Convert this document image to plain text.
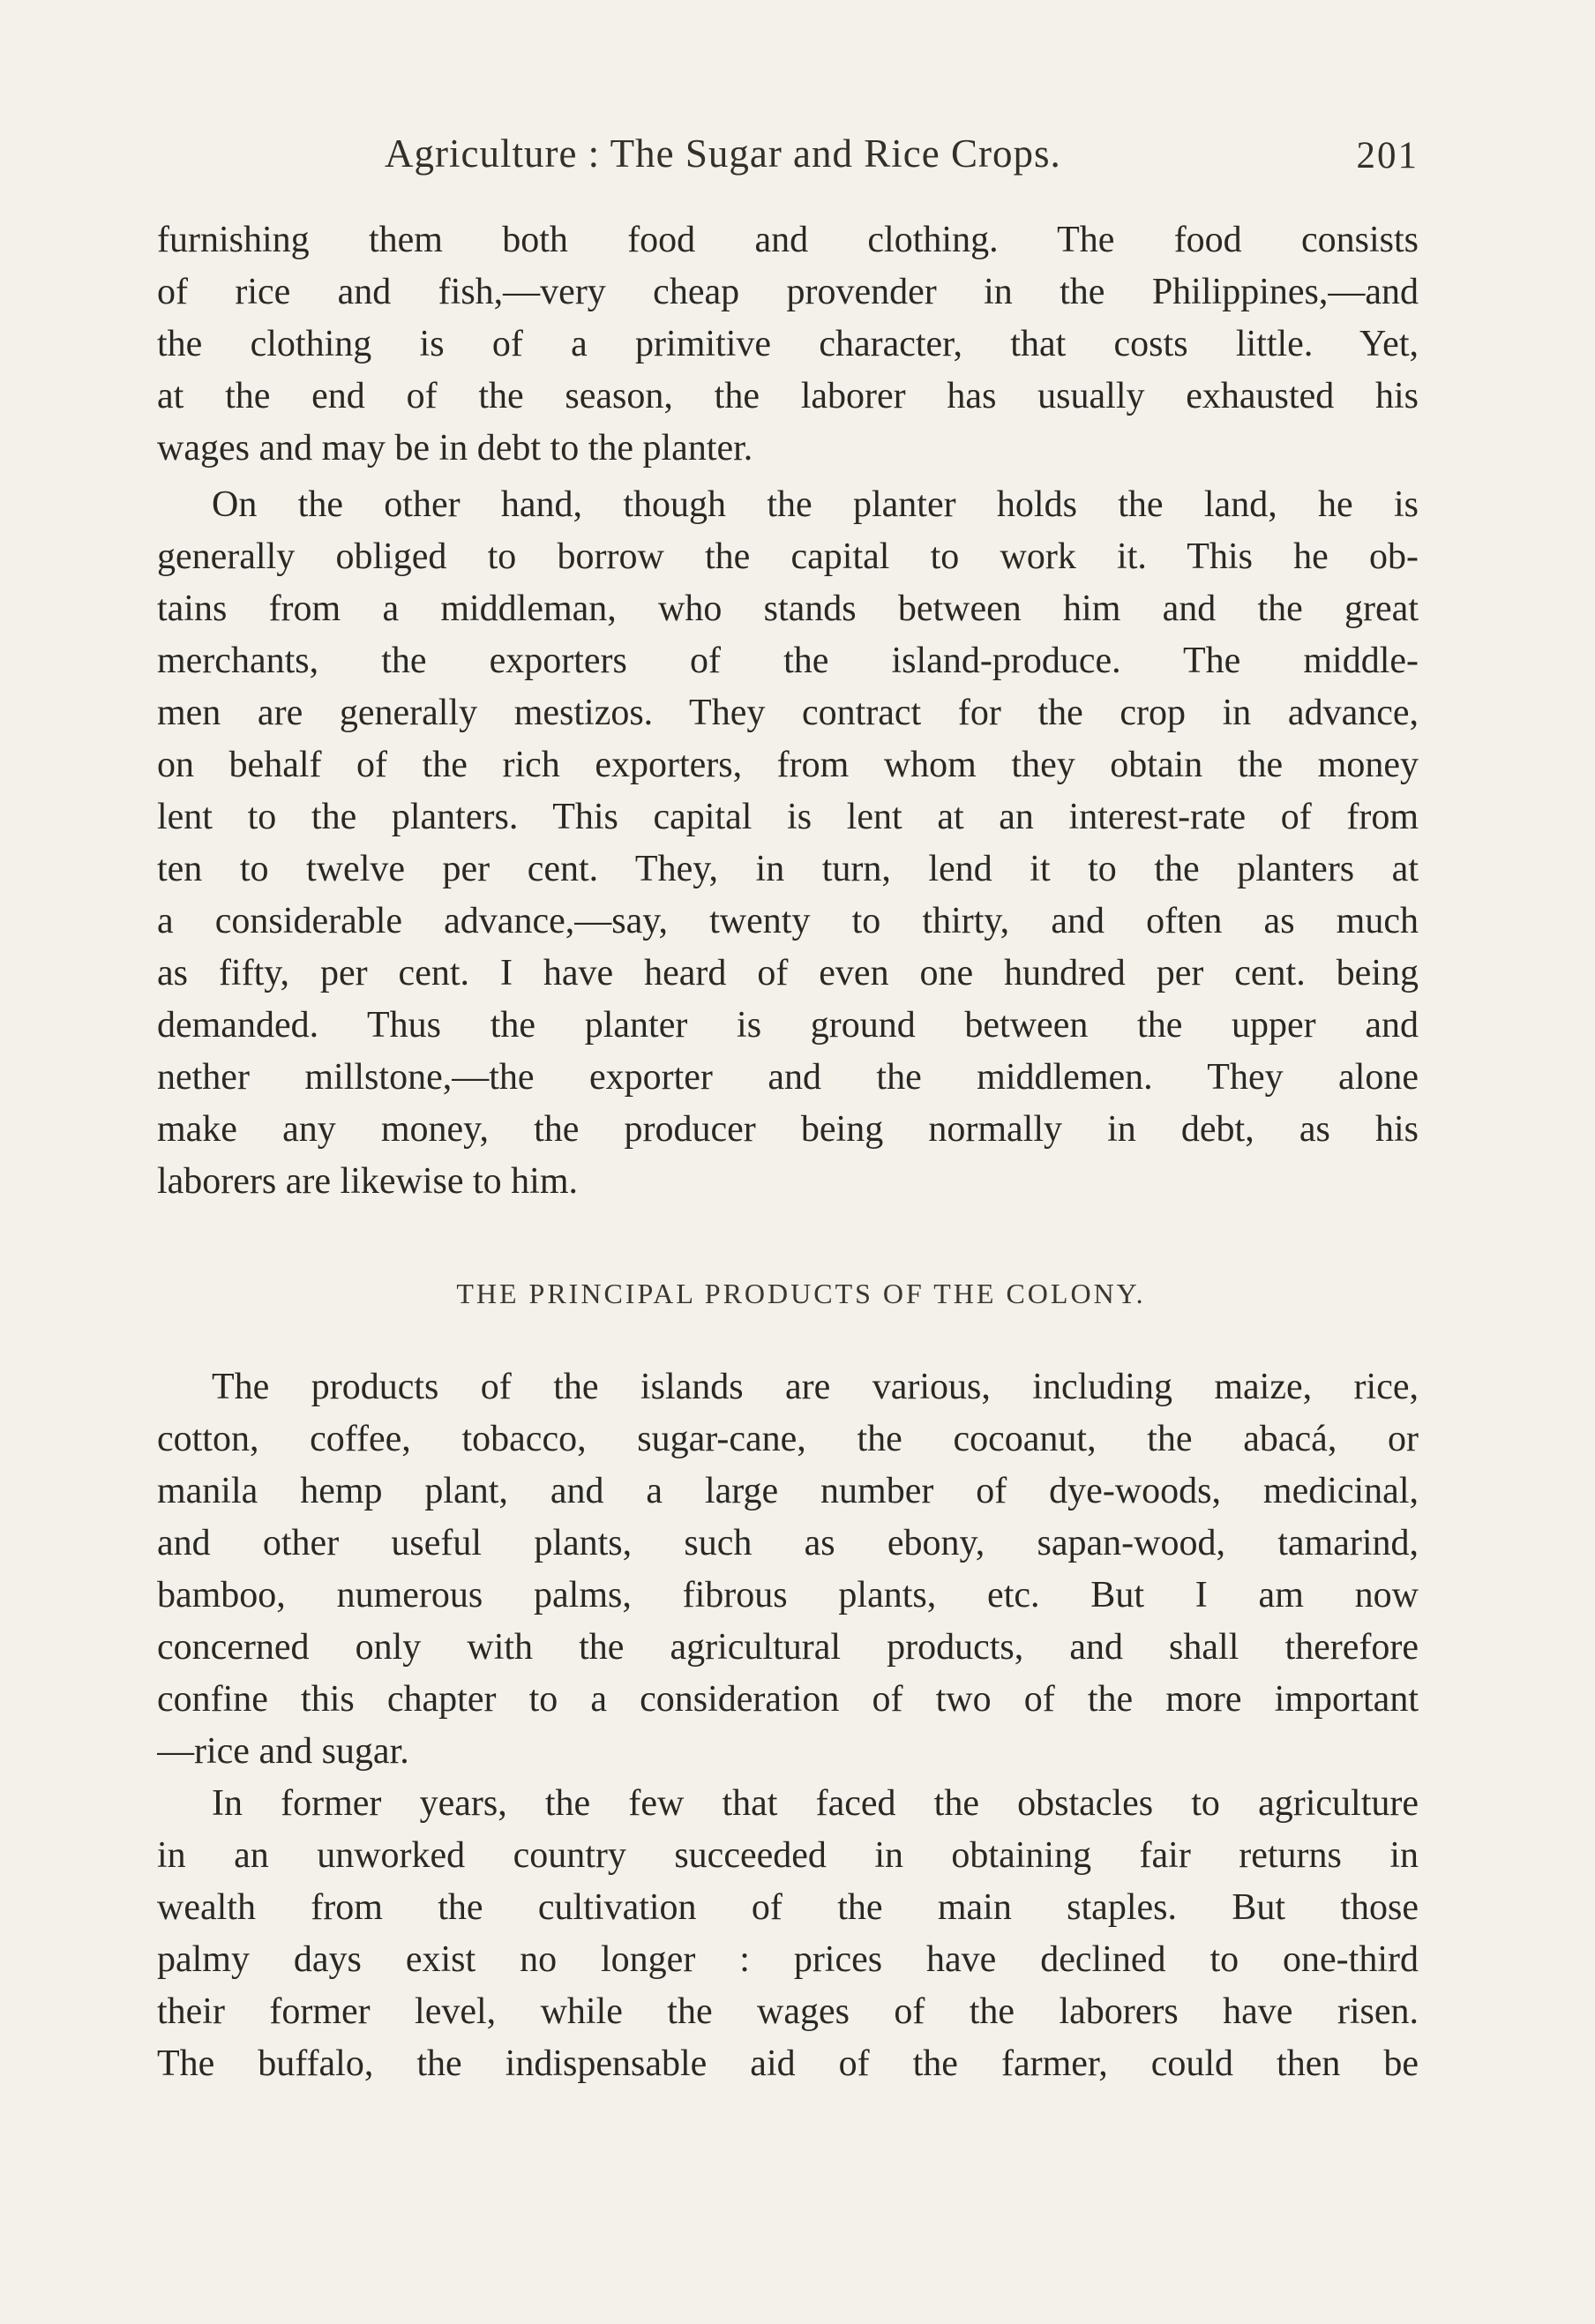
Agriculture : The Sugar and Rice Crops.	201
furnishing them both food and clothing. The food consists
of rice and fish,—very cheap provender in the Philippines,—and
the clothing is of a primitive character, that costs little. Yet,
at the end of the season, the laborer has usually exhausted his
wages and may be in debt to the planter.
On the other hand, though the planter holds the land, he is
generally obliged to borrow the capital to work it. This he ob-
tains from a middleman, who stands between him and the great
merchants, the exporters of the island-produce. The middle-
men are generally mestizos. They contract for the crop in advance,
on behalf of the rich exporters, from whom they obtain the money
lent to the planters. This capital is lent at an interest-rate of from
ten to twelve per cent. They, in turn, lend it to the planters at
a considerable advance,—say, twenty to thirty, and often as much
as fifty, per cent. I have heard of even one hundred per cent. being
demanded. Thus the planter is ground between the upper and
nether millstone,—the exporter and the middlemen. They alone
make any money, the producer being normally in debt, as his
laborers are likewise to him.
THE PRINCIPAL PRODUCTS OF THE COLONY.
The products of the islands are various, including maize, rice,
cotton, coffee, tobacco, sugar-cane, the cocoanut, the abacá, or
manila hemp plant, and a large number of dye-woods, medicinal,
and other useful plants, such as ebony, sapan-wood, tamarind,
bamboo, numerous palms, fibrous plants, etc. But I am now
concerned only with the agricultural products, and shall therefore
confine this chapter to a consideration of two of the more important
—rice and sugar.
In former years, the few that faced the obstacles to agriculture
in an unworked country succeeded in obtaining fair returns in
wealth from the cultivation of the main staples. But those
palmy days exist no longer : prices have declined to one-third
their former level, while the wages of the laborers have risen.
The buffalo, the indispensable aid of the farmer, could then be
